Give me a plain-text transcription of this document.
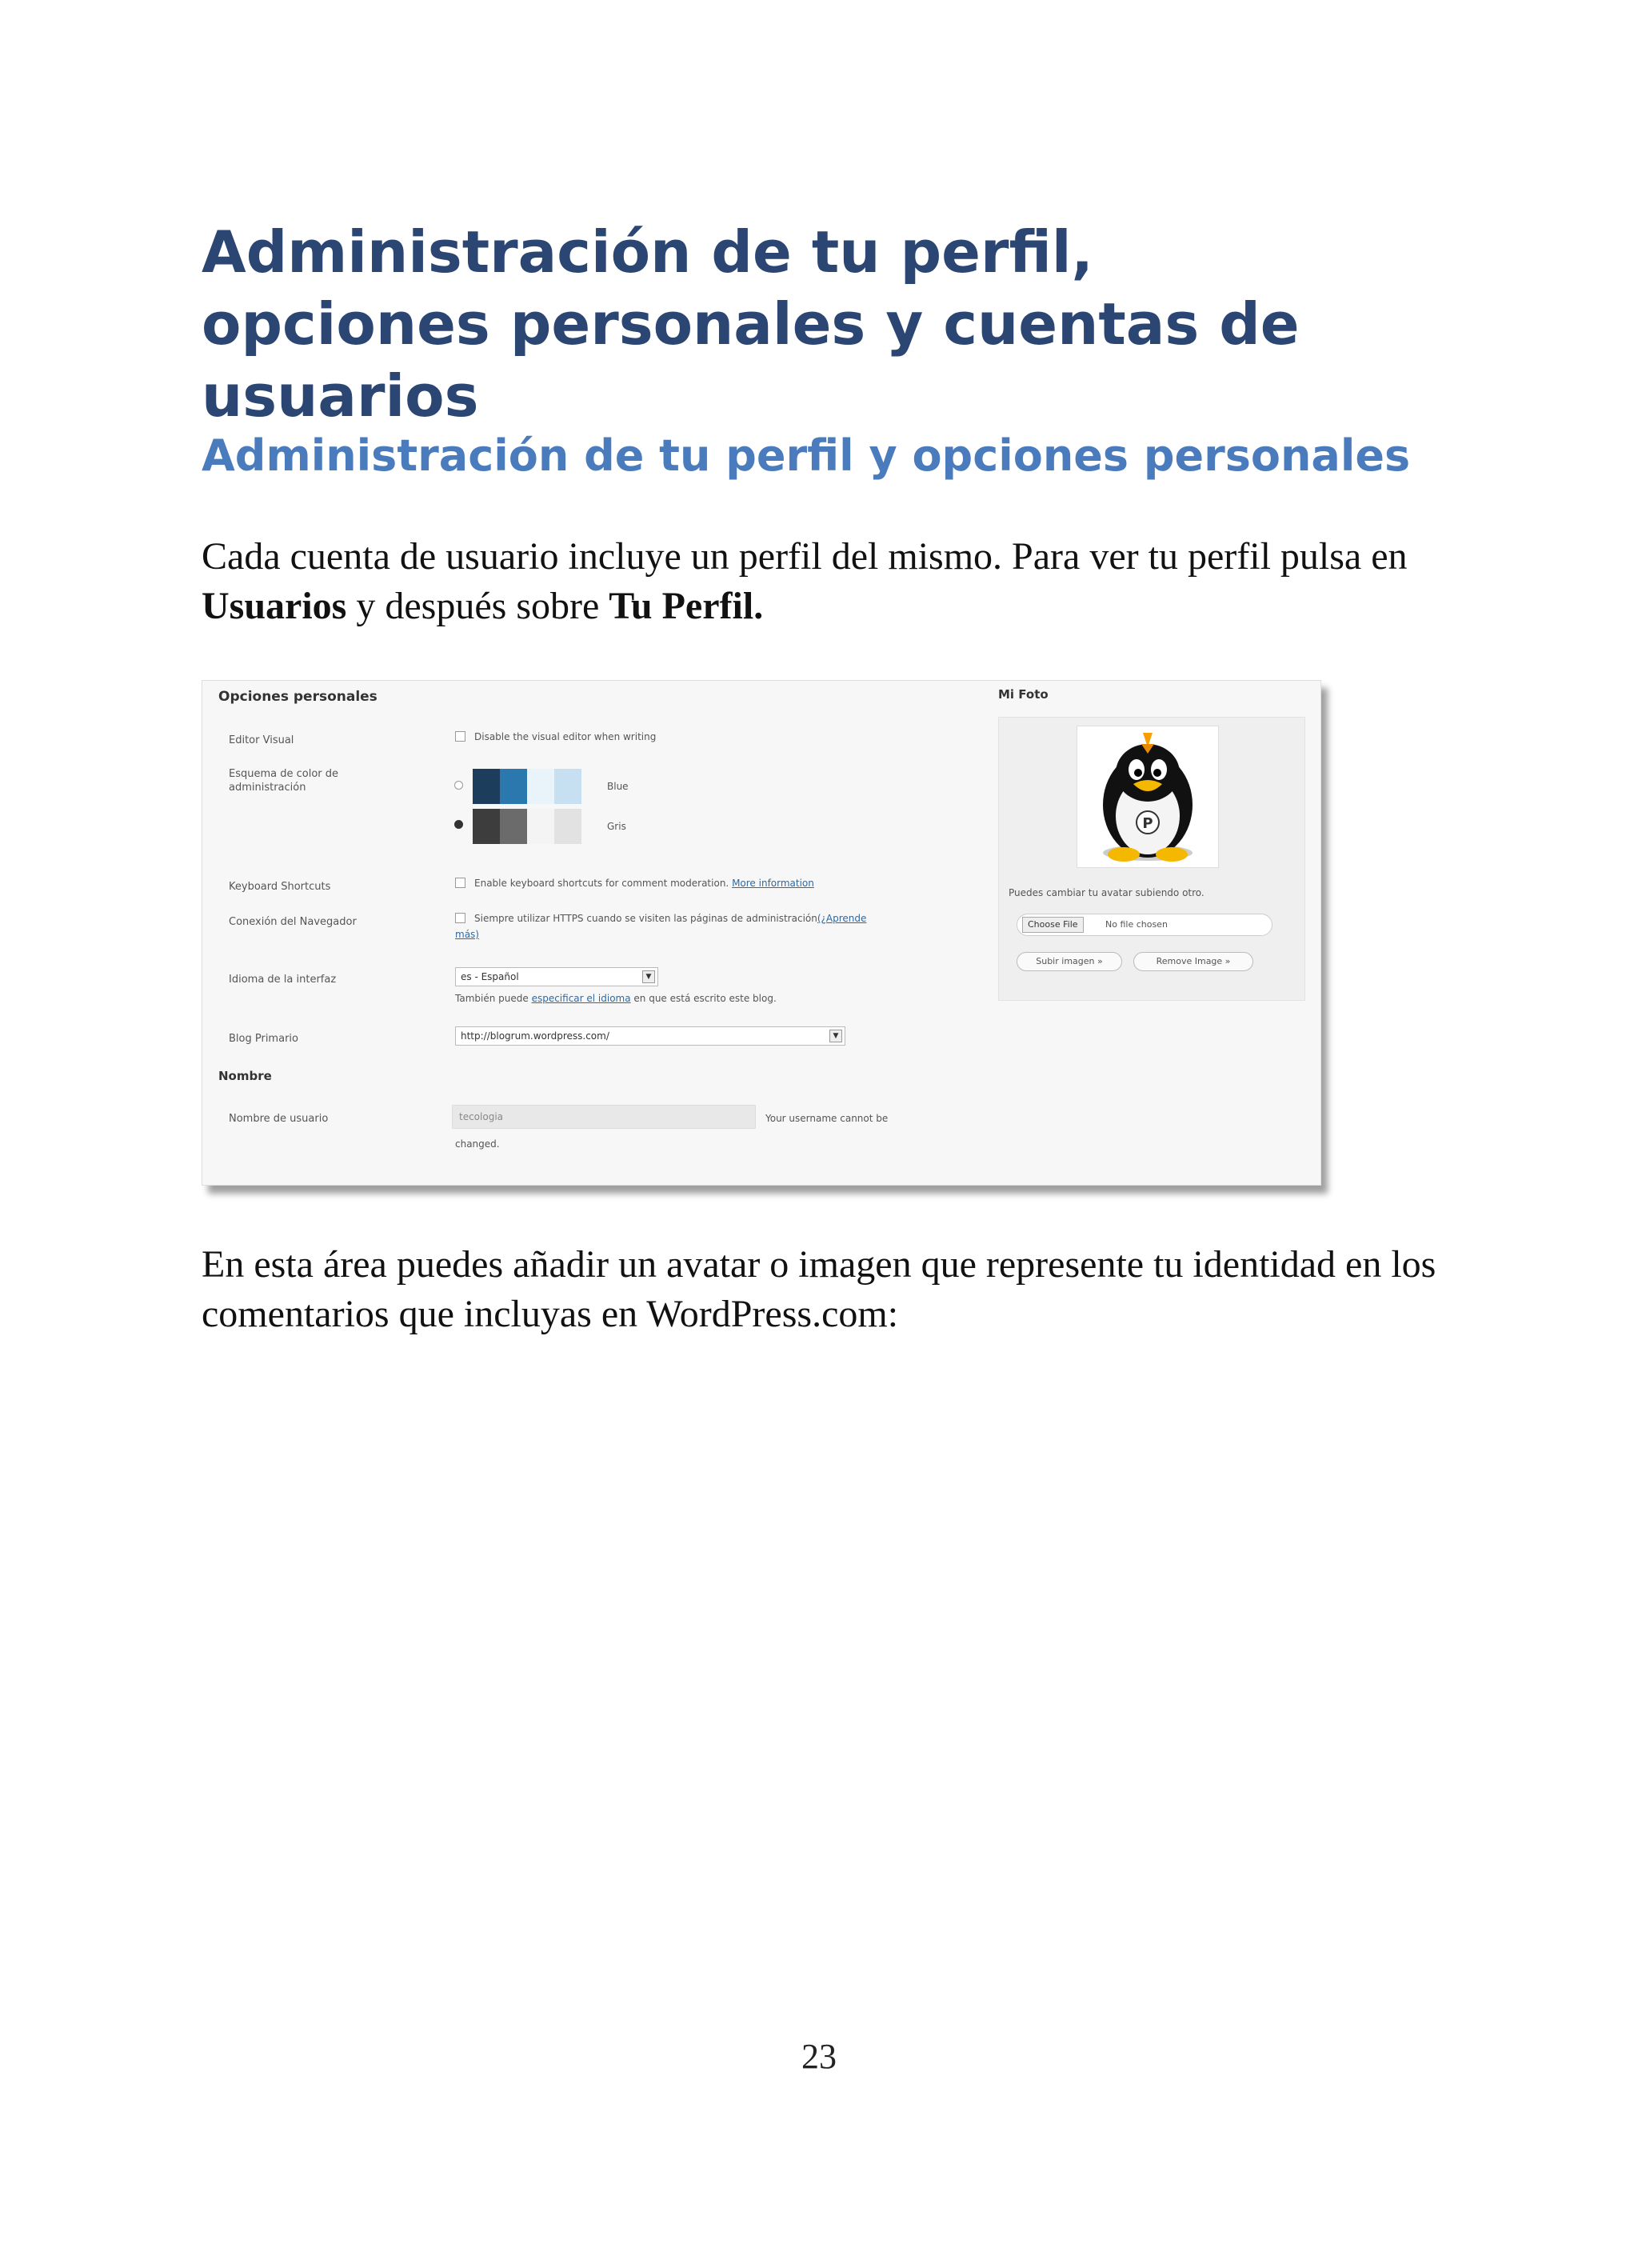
Administración de tu perfil, opciones personales y cuentas de usuarios
Administración de tu perfil y opciones personales

Cada cuenta de usuario incluye un perfil del mismo. Para ver tu perfil pulsa en Usuarios y después sobre Tu Perfil.

Opciones personales
Editor Visual	Disable the visual editor when writing
Esquema de color de administración	Blue
Gris
Keyboard Shortcuts	Enable keyboard shortcuts for comment moderation. More information
Conexión del Navegador	Siempre utilizar HTTPS cuando se visiten las páginas de administración(¿Aprende
más)
Idioma de la interfaz	es - Español	▼
También puede especificar el idioma en que está escrito este blog.
Blog Primario	http://blogrum.wordpress.com/	▼
Nombre
Nombre de usuario	tecologia	Your username cannot be
changed.
Mi Foto
P
Puedes cambiar tu avatar subiendo otro.
Choose File	No file chosen
Subir imagen »	Remove Image »

En esta área puedes añadir un avatar o imagen que represente tu identidad en los comentarios que incluyas en WordPress.com:

23
